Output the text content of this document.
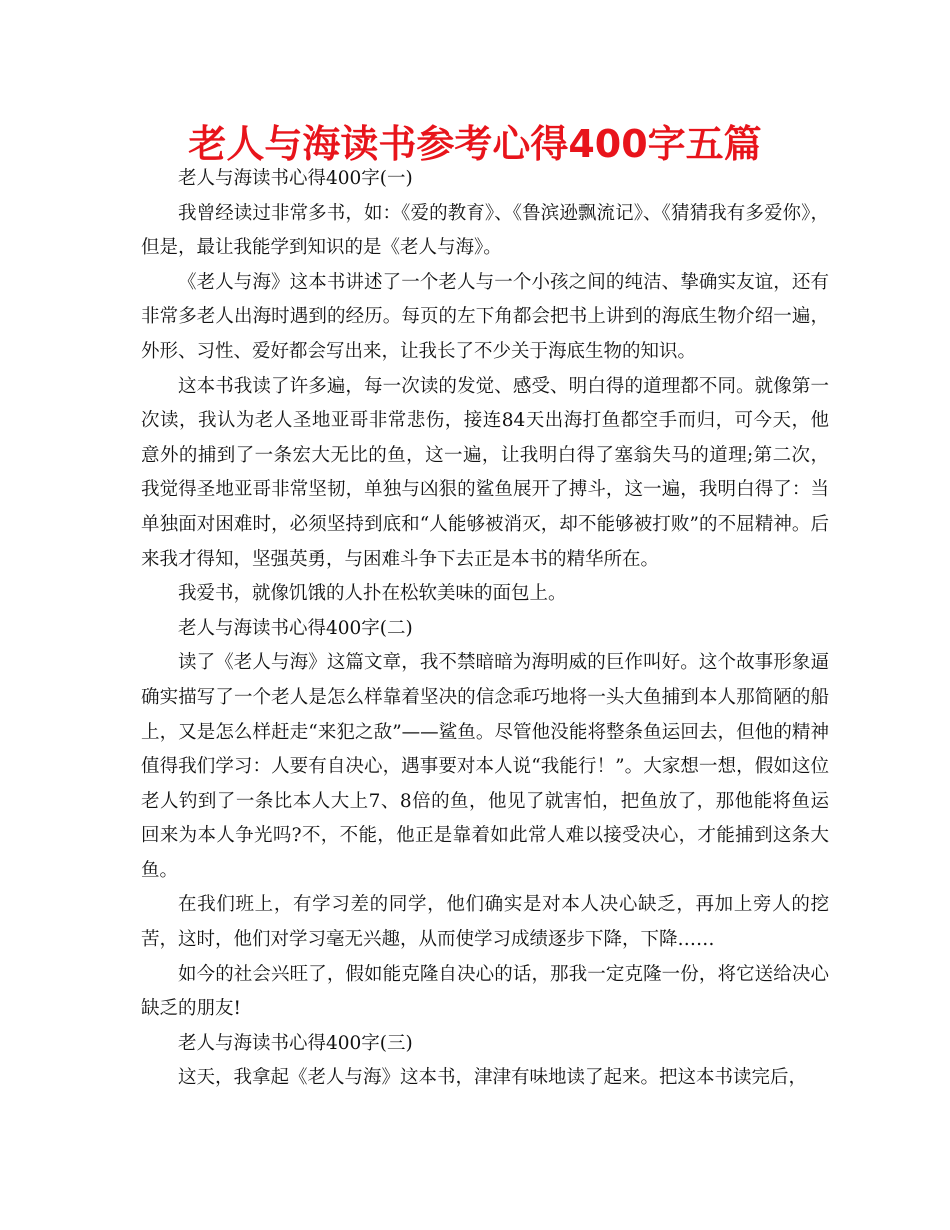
老人与海读书参考心得400字五篇

老人与海读书心得400字(一)

我曾经读过非常多书，如：《爱的教育》、《鲁滨逊飘流记》、《猜猜我有多爱你》，但是，最让我能学到知识的是《老人与海》。

《老人与海》这本书讲述了一个老人与一个小孩之间的纯洁、挚确实友谊，还有非常多老人出海时遇到的经历。每页的左下角都会把书上讲到的海底生物介绍一遍，外形、习性、爱好都会写出来，让我长了不少关于海底生物的知识。

这本书我读了许多遍，每一次读的发觉、感受、明白得的道理都不同。就像第一次读，我认为老人圣地亚哥非常悲伤，接连84天出海打鱼都空手而归，可今天，他意外的捕到了一条宏大无比的鱼，这一遍，让我明白得了塞翁失马的道理;第二次，我觉得圣地亚哥非常坚韧，单独与凶狠的鲨鱼展开了搏斗，这一遍，我明白得了：当单独面对困难时，必须坚持到底和“人能够被消灭，却不能够被打败”的不屈精神。后来我才得知，坚强英勇，与困难斗争下去正是本书的精华所在。

我爱书，就像饥饿的人扑在松软美味的面包上。

老人与海读书心得400字(二)

读了《老人与海》这篇文章，我不禁暗暗为海明威的巨作叫好。这个故事形象逼确实描写了一个老人是怎么样靠着坚决的信念乖巧地将一头大鱼捕到本人那简陋的船上，又是怎么样赶走“来犯之敌”——鲨鱼。尽管他没能将整条鱼运回去，但他的精神值得我们学习：人要有自决心，遇事要对本人说“我能行！”。大家想一想，假如这位老人钓到了一条比本人大上7、8倍的鱼，他见了就害怕，把鱼放了，那他能将鱼运回来为本人争光吗?不，不能，他正是靠着如此常人难以接受决心，才能捕到这条大鱼。

在我们班上，有学习差的同学，他们确实是对本人决心缺乏，再加上旁人的挖苦，这时，他们对学习毫无兴趣，从而使学习成绩逐步下降，下降……

如今的社会兴旺了，假如能克隆自决心的话，那我一定克隆一份，将它送给决心缺乏的朋友!

老人与海读书心得400字(三)

这天，我拿起《老人与海》这本书，津津有味地读了起来。把这本书读完后，
